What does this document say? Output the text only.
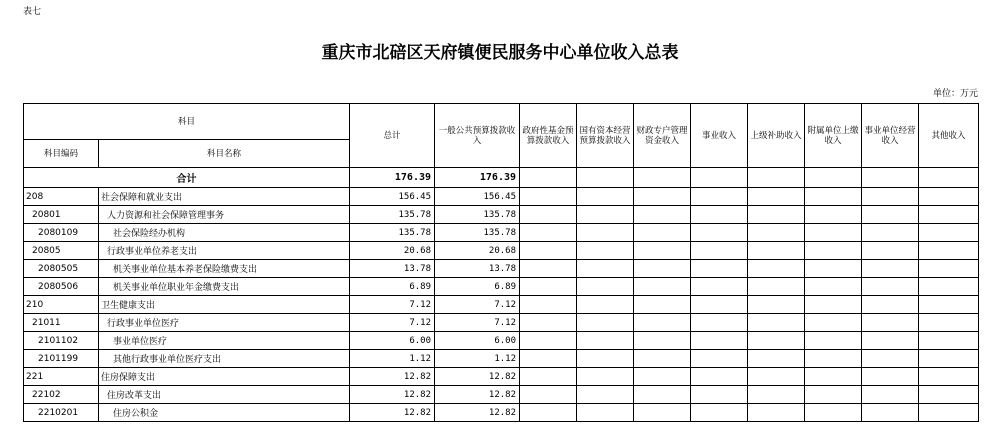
表七
重庆市北碚区天府镇便民服务中心单位收入总表
单位：万元
科目		总计	一般公共预算拨款收入	政府性基金预算拨款收入	国有资本经营预算拨款收入	财政专户管理资金收入	事业收入	上级补助收入	附属单位上缴收入	事业单位经营收入	其他收入
科目编码	科目名称										
合计		176.39	176.39								
208	社会保障和就业支出	156.45	156.45								
20801	人力资源和社会保障管理事务	135.78	135.78								
2080109	社会保险经办机构	135.78	135.78								
20805	行政事业单位养老支出	20.68	20.68								
2080505	机关事业单位基本养老保险缴费支出	13.78	13.78								
2080506	机关事业单位职业年金缴费支出	6.89	6.89								
210	卫生健康支出	7.12	7.12								
21011	行政事业单位医疗	7.12	7.12								
2101102	事业单位医疗	6.00	6.00								
2101199	其他行政事业单位医疗支出	1.12	1.12								
221	住房保障支出	12.82	12.82								
22102	住房改革支出	12.82	12.82								
2210201	住房公积金	12.82	12.82								
